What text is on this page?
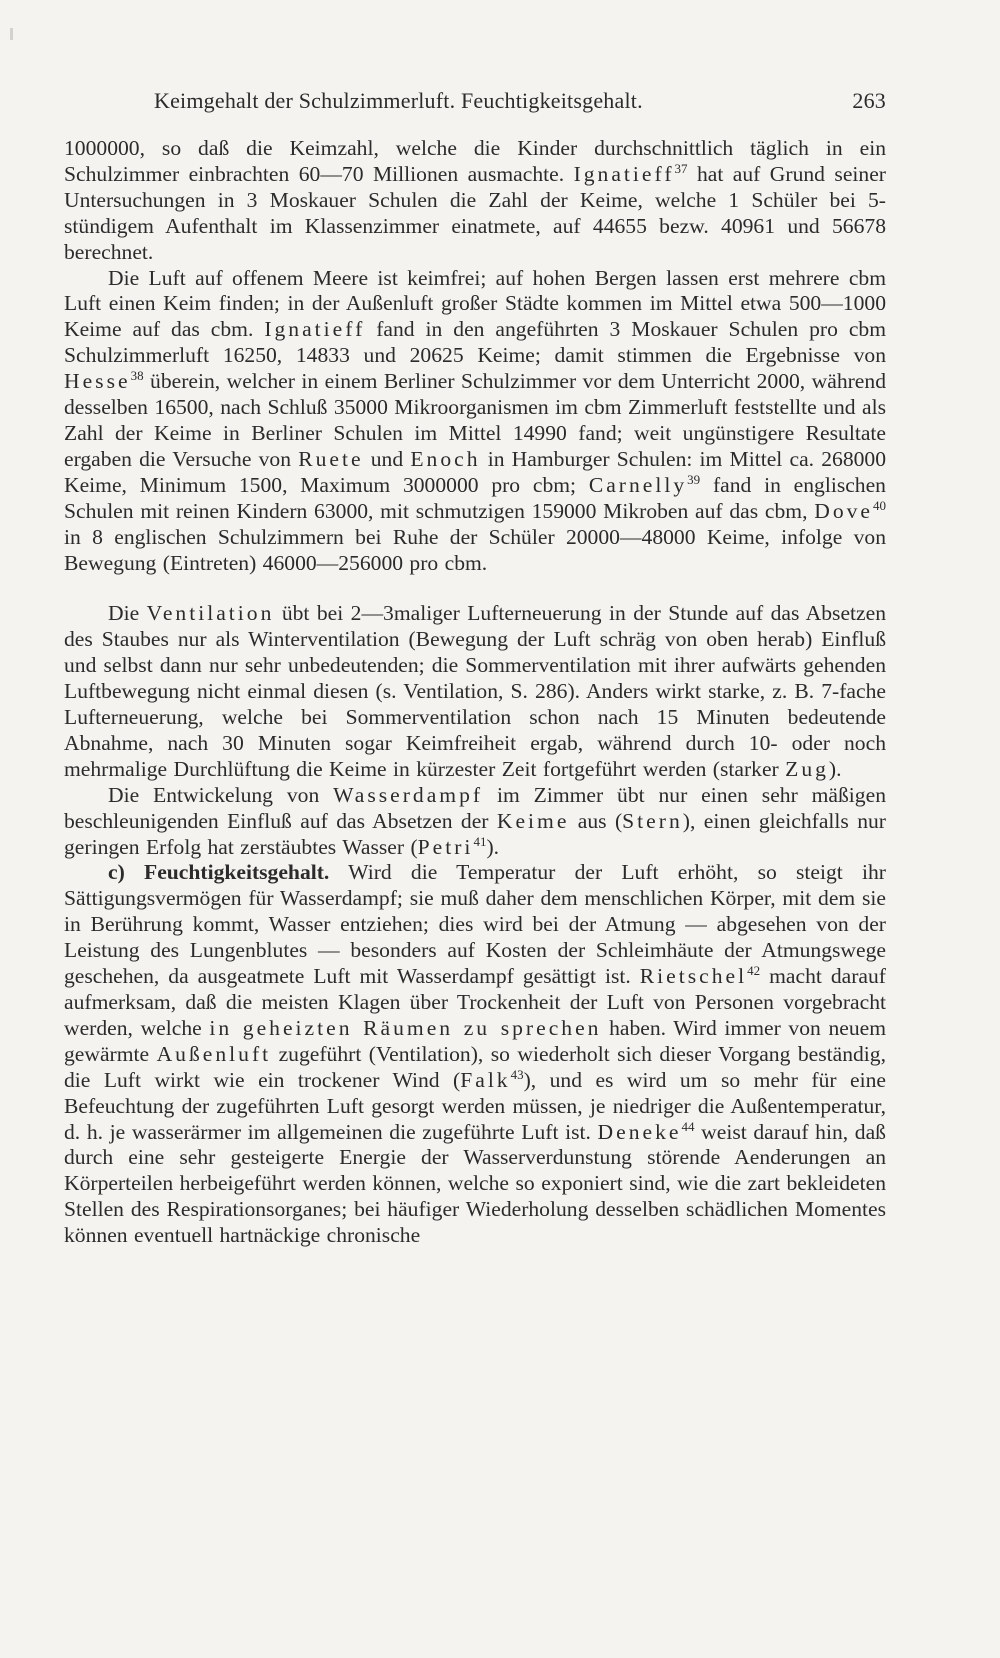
Keimgehalt der Schulzimmerluft. Feuchtigkeitsgehalt.	263

1000000, so daß die Keimzahl, welche die Kinder durchschnittlich täglich in ein Schulzimmer einbrachten 60—70 Millionen ausmachte. Ignatieff$^{37}$ hat auf Grund seiner Untersuchungen in 3 Moskauer Schulen die Zahl der Keime, welche 1 Schüler bei 5-stündigem Aufenthalt im Klassenzimmer einatmete, auf 44655 bezw. 40961 und 56678 berechnet.

Die Luft auf offenem Meere ist keimfrei; auf hohen Bergen lassen erst mehrere cbm Luft einen Keim finden; in der Außenluft großer Städte kommen im Mittel etwa 500—1000 Keime auf das cbm. Ignatieff fand in den angeführten 3 Moskauer Schulen pro cbm Schulzimmerluft 16250, 14833 und 20625 Keime; damit stimmen die Ergebnisse von Hesse$^{38}$ überein, welcher in einem Berliner Schulzimmer vor dem Unterricht 2000, während desselben 16500, nach Schluß 35000 Mikroorganismen im cbm Zimmerluft feststellte und als Zahl der Keime in Berliner Schulen im Mittel 14990 fand; weit ungünstigere Resultate ergaben die Versuche von Ruete und Enoch in Hamburger Schulen: im Mittel ca. 268000 Keime, Minimum 1500, Maximum 3000000 pro cbm; Carnelly$^{39}$ fand in englischen Schulen mit reinen Kindern 63000, mit schmutzigen 159000 Mikroben auf das cbm, Dove$^{40}$ in 8 englischen Schulzimmern bei Ruhe der Schüler 20000—48000 Keime, infolge von Bewegung (Eintreten) 46000—256000 pro cbm.

Die Ventilation übt bei 2—3maliger Lufterneuerung in der Stunde auf das Absetzen des Staubes nur als Winterventilation (Bewegung der Luft schräg von oben herab) Einfluß und selbst dann nur sehr unbedeutenden; die Sommerventilation mit ihrer aufwärts gehenden Luftbewegung nicht einmal diesen (s. Ventilation, S. 286). Anders wirkt starke, z. B. 7-fache Lufterneuerung, welche bei Sommerventilation schon nach 15 Minuten bedeutende Abnahme, nach 30 Minuten sogar Keimfreiheit ergab, während durch 10- oder noch mehrmalige Durchlüftung die Keime in kürzester Zeit fortgeführt werden (starker Zug).

Die Entwickelung von Wasserdampf im Zimmer übt nur einen sehr mäßigen beschleunigenden Einfluß auf das Absetzen der Keime aus (Stern), einen gleichfalls nur geringen Erfolg hat zerstäubtes Wasser (Petri$^{41}$).

c) Feuchtigkeitsgehalt. Wird die Temperatur der Luft erhöht, so steigt ihr Sättigungsvermögen für Wasserdampf; sie muß daher dem menschlichen Körper, mit dem sie in Berührung kommt, Wasser entziehen; dies wird bei der Atmung — abgesehen von der Leistung des Lungenblutes — besonders auf Kosten der Schleimhäute der Atmungswege geschehen, da ausgeatmete Luft mit Wasserdampf gesättigt ist. Rietschel$^{42}$ macht darauf aufmerksam, daß die meisten Klagen über Trockenheit der Luft von Personen vorgebracht werden, welche in geheizten Räumen zu sprechen haben. Wird immer von neuem gewärmte Außenluft zugeführt (Ventilation), so wiederholt sich dieser Vorgang beständig, die Luft wirkt wie ein trockener Wind (Falk$^{43}$), und es wird um so mehr für eine Befeuchtung der zugeführten Luft gesorgt werden müssen, je niedriger die Außentemperatur, d. h. je wasserärmer im allgemeinen die zugeführte Luft ist. Deneke$^{44}$ weist darauf hin, daß durch eine sehr gesteigerte Energie der Wasserverdunstung störende Aenderungen an Körperteilen herbeigeführt werden können, welche so exponiert sind, wie die zart bekleideten Stellen des Respirationsorganes; bei häufiger Wiederholung desselben schädlichen Momentes können eventuell hartnäckige chronische
